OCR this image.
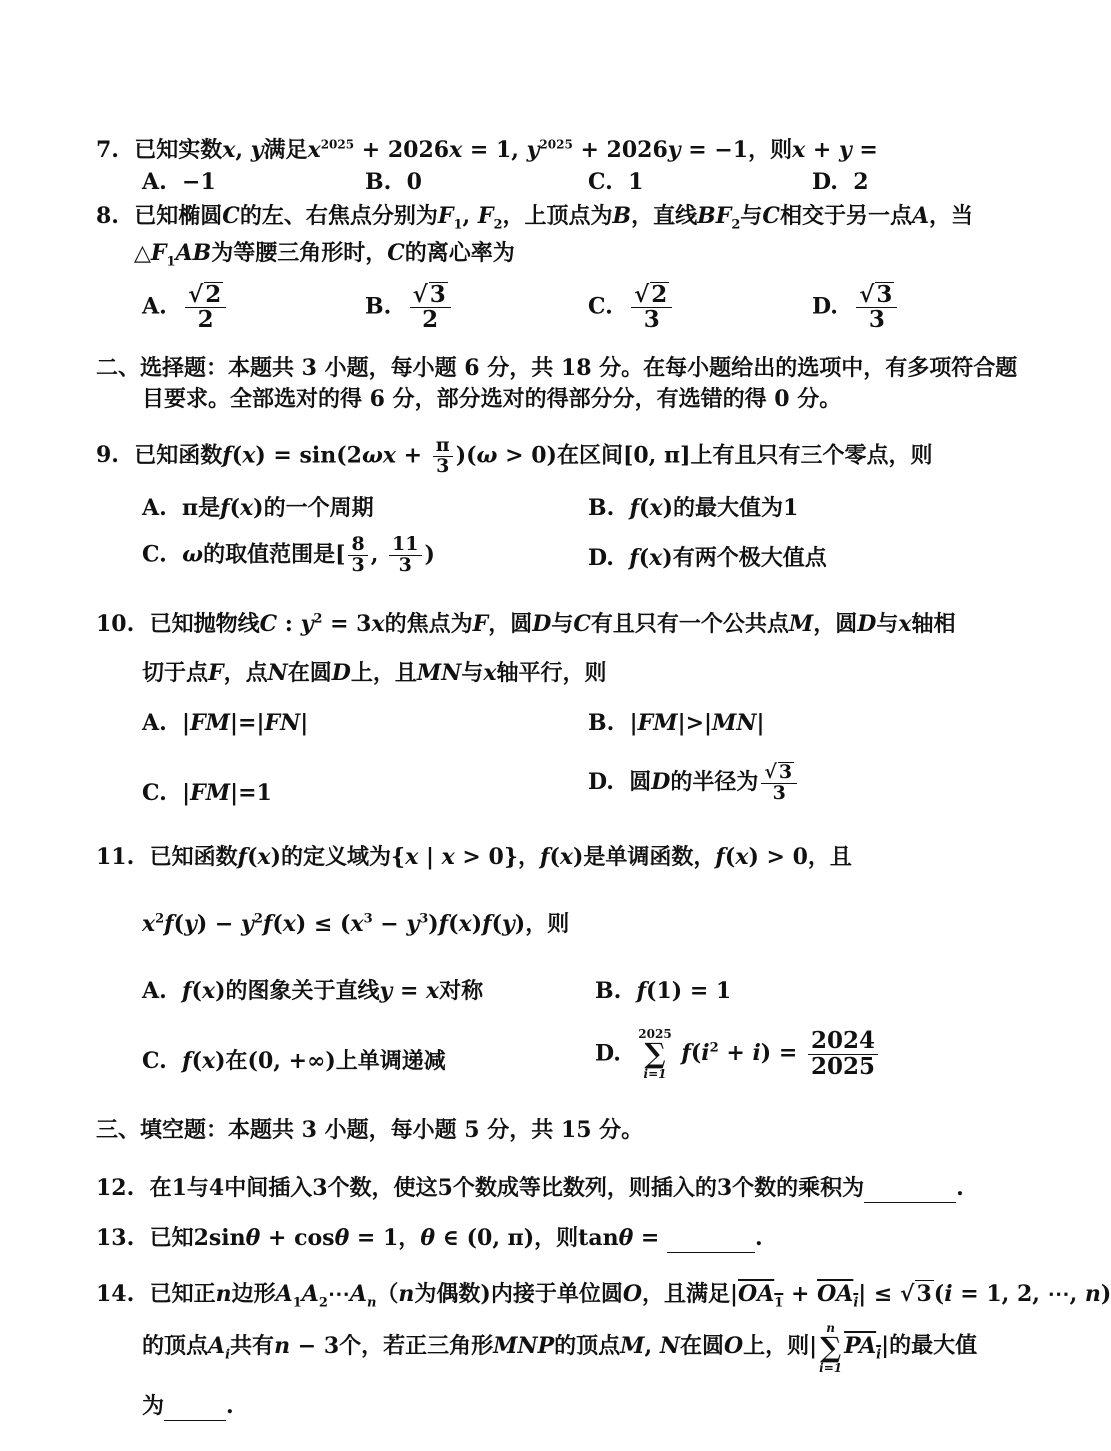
7.  已知实数x, y满足$x^{2025} + 2026x = 1$, $y^{2025} + 2026y = -1$，则x + y =
A.  −1	B.  0	C.  1	D.  2
8.  已知椭圆C的左、右焦点分别为$F_1$, $F_2$，上顶点为B，直线$BF_2$与C相交于另一点A，当
$\triangle F_1AB$为等腰三角形时，C的离心率为
A. $\frac{√2}{2}$	B. $\frac{√3}{2}$	C. $\frac{√2}{3}$	D. $\frac{√3}{3}$
二、选择题：本题共 3 小题，每小题 6 分，共 18 分。在每小题给出的选项中，有多项符合题
目要求。全部选对的得 6 分，部分选对的得部分分，有选错的得 0 分。
9.  已知函数$f(x) = \sin(2\omega x + \frac{\pi}{3} )(\omega > 0)$在区间[0, π]上有且只有三个零点，则
A.  π是f(x)的一个周期	B.  f(x)的最大值为1
C.  ω的取值范围是[ $\frac{8}{3}$ , $\frac{11}{3}$ )	D.  f(x)有两个极大值点
10.  已知抛物线C : $y^2 = 3x$的焦点为F，圆D与C有且只有一个公共点M，圆D与x轴相
切于点F，点N在圆D上，且MN与x轴平行，则
A.  |FM|=|FN|	B.  |FM|>|MN|
C.  |FM|=1	D.  圆D的半径为 $\frac{√ 3}{3}$
11.  已知函数f(x)的定义域为{x | x > 0}，f(x)是单调函数，f(x) > 0，且
$x^2f(y) - y^2f(x) \le (x^3 - y^3)f(x)f(y)$，则
A.  f(x)的图象关于直线y = x对称	B.  f(1) = 1
C.  f(x)在(0, +∞)上单调递减	D.
2025
∑
i=1
$f(i^2 + i) = \frac{2024}{2025}$
三、填空题：本题共 3 小题，每小题 5 分，共 15 分。
12.  在1与4中间插入3个数，使这5个数成等比数列，则插入的3个数的乘积为	.
13.  已知2sinθ + cosθ = 1，θ ∈ (0, π)，则tanθ =	.
14.  已知正n边形$A_1A_2\cdots A_n(n$为偶数)内接于单位圆O，且满足$|OA_1 + OA_i| \le √3(i = 1$, 2, ⋯, n)
的顶点$A_i$共有n − 3个，若正三角形MNP的顶点M, N在圆O上，则|
n
∑
i=1
$PA_i|$的最大值
为	.
